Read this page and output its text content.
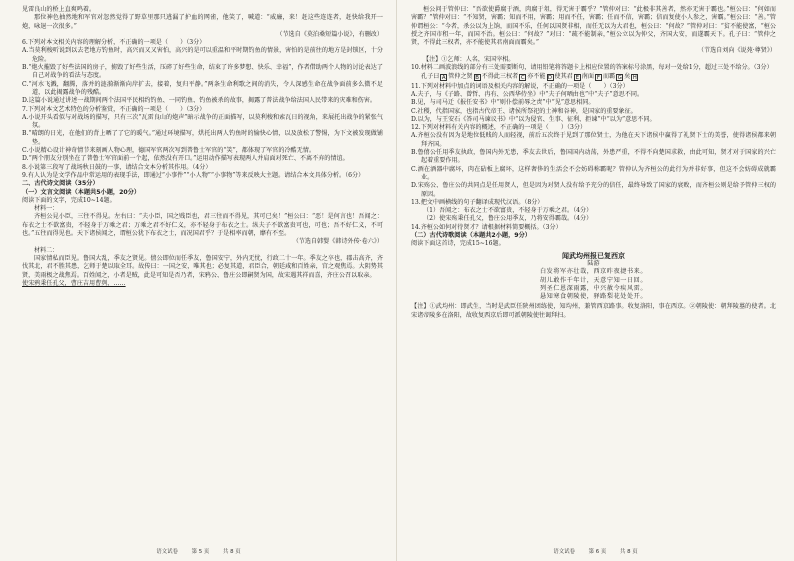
见雷良山的桥上直爽鸣着。

那位神色抽然地和军官对忽然觉得了野草里那只逃漏了护血的网雀，他笑了，喊道：“威廉，来！赶这些连连者，赶快给我开一炮，咏退一次很多。”

（节选自《莫泊桑短篇小说》，有删改）

6.下列对本文相关内容的理解分析，不正确的一项是（　　）（3分）

A.当莫利梭听说到以去老地方钓鱼时，高兴而又又害怕，高兴的是可以重温和平时期钓鱼的情景，害怕的是前往的地方是封锁区，十分危险。

B.“炮火摧毁了好些法国的房子，掳毁了好些生活，压碎了好些生命，结束了许多梦想、快乐、幸福”，作者借助两个人物的讨论表达了自己对战争的看法与态度。

C.“河水飞溅，翻腾，落并的涟漪渐渐向岸扩去，接着，复归平静。”两条生命利歌之间的消失，令人深感生命在战争面前多么微不足道，以此揭露战争的残酷。

D.这篇小说通过讲述一战期间两个法国平民相约钓鱼、一同钓鱼、钓鱼被杀的故事，揭露了普法战争给法国人民带来的灾难和伤害。

7.下列对本文艺术特色的分析鉴赏，不正确的一项是（　　）（3分）

A.小说开头看似与对战场的描写，只有三次“瓦雷良山的炮声”暗示战争的正面描写，以莫利梭和索瓦日的视角，来展托出战争的紧张气氛。

B.“晴朗的日光，在他们的背上晒了了它的暖气。”通过环境描写，烘托出两人钓鱼时的愉快心情，以及放松了警惕，为下文被发现做铺垫。

C.小说精心设计神奇情节来刻画人物心理，德国军官两次写到普鲁士军官的“笑”，都体现了军官的冷酷无情。

D.“两个朋友分别坐在了普鲁士军官面前一个起，依然没有开口。”运用动作描写表现两人并肩面对死亡、不离不弃的情谊。

8.小说第三段写了战场秋日鼓的一事，请结合文本分析其作用。（4分）

9.有人认为是文学作品中常运用的表现手法，即通过“小事件”“小人物”“小事物”等来反映大主题。请结合本文具体分析。（6分）

二、古代诗文阅读（35分）

（一）文言文阅读（本题共5小题，20分）

阅读下面的文字，完成10~14题。

材料一：

齐桓公見小臣，三往不得見。左右曰：“夫小臣，国之贱臣也，君三往而不得见，其可已矣！”桓公曰：“恶！是何言也！吾闻之：布衣之士不欲富贵，不轻身于万乘之君；万乘之君不好仁义，亦不轻身于布衣之士。纵夫子不欲富贵可也，可也；吾不好仁义，不可也。”五往而得见也。天下诸侯闻之，谓桓公犹下布衣之士，而况国君乎？于是相率而朝，靡有不至。

（节选自韩婴《韩诗外传·卷六》）

材料二：

国家情私而臣见。鲁国大乱，季友之贤见。僖公即位而任季友，鲁国安宁，外内无忧，行政二十一年。季友之卒也，郡击高齐，齐伐其北，君不胜其患，乞师于楚以取全耳。故传曰：一国之安，唯其也；必复其道，君臣合，朝廷咸和百姓亲，宫之观焦焉。大阴势其贤，美雨极之战焦焉。百姓闻之，小者是贼，此是可知是否乃者，宋鸦公、鲁庄公即嗣贤为国，故宋遇其祥而喜，齐庄公召以取亲。

使宋鸦秉任孔父，曹庄吉用曹刿，……

语文试卷	第 5 页	共 8 页

桓公问于管仲曰：“吾欲使爵腐于酒，肉腐于俎，得无害于霸乎？”管仲对曰：“此极非其善者，然亦无害于霸也。”桓公曰：“何如而害霸？”管仲对曰：“不知贤，害霸；知而不用，害霸；用而不任，害霸；任而不信，害霸；信而复使小人参之，害霸。”桓公曰：“善。”管仲谓桓公：“今者，杀公以为上饷，而国不乐，任何以国贤非相，而任无以为大君也，桓公曰：“何故？”管仲对曰：“贫不能使富，“桓公授之齐国市租一年，而国不治。桓公曰：“何故？”对曰：“疏不能制亲，”桓公立以为仲父，齐国大安，而遂霸天下。孔子曰：“管仲之贤，不得此三权者，亦不能使其君南面而霸矣。”

（节选自刘向《说苑·尊贤》）

【注】①乞师：人名，宋国宰相。

10.材料二画波浪线的部分有三处需要断句，请用铅笔将答题卡上相应位置的答案标号涂黑，每对一处给1分，超过三处不给分。（3分）

孔子曰 A 管仲之贤 B 不得此三权者 C 亦不能 D 使其君 E 南面 F 而霸 G 矣 H

11.下列对材料中加点的词语及相关内容的解说，不正确的一项是（　　）（3分）

A.夫子，与《子路、曾哲、冉有、公西华侍坐》中“夫子何哂由也”中“夫子”意思不同。

B.见，与司马迁《报任安书》中“则仆偿前辱之责”中“见”意思相同。

C.社稷，代指国家，也指古代帝王、诸侯所祭祀的土神和谷神，是国家的重要象征。

D.以为，与王安石《答司马谏议书》中“以为侵官、生事、征利、拒谏”中“以为”意思不同。

12.下列对材料有关内容的概述，不正确的一项是（　　）（3分）

A.齐桓公没有因为是地位低贱的人而轻视，前后五次终于见到了那位贤士，为他在天下诸侯中赢得了礼贤下士的美誉，使得诸侯都来朝拜齐国。

B.鲁僖公任用季友执政，鲁国内外无患，季友去世后，鲁国国内动荡，外患严重，不得不向楚国求救，由此可知，贤才对于国家的兴亡起着重要作用。

C.酒在酒器中腐坏，肉在砧板上腐坏，这样奢侈的生活会不会妨碍称霸呢？管仲认为齐桓公的此行为并非好事，但这不会妨碍成就霸业。

D.宋殇公、鲁庄公的共同点是任用贤人，但是因为对贤人没有给予充分的信任，最终导致了国家的衰败，而齐桓公则是给予管仲三权的原因。

13.把文中画横线的句子翻译成现代汉语。（8分）

（1）吾闻之：布衣之士不欲富贵，不轻身于万乘之君。（4分）

（2）使宋殇秉任孔父，鲁庄公用季友，乃将安得霸哉。（4分）

14.齐桓公如何对待贤才？请根据材料简要概括。（3分）

（二）古代诗歌阅读（本题共2小题，9分）

阅读下面这首诗，完成15~16题。

闻武均州报已复西京

陆游

白发将军亦壮哉，西京昨夜捷书来。

胡儿敢作千年计，天意宁知一日回。

列圣仁恩深雨露，中兴赦令疾风雷。

悬知寒食朝陵使，驿路梨花处处开。

【注】①武均州：即武生，当时是武臣任陕州团练使，知均州，兼管西京路事。收复洛阳，事在西京。②朝陵使：朝拜陵墓的使者。北宋诸帝陵多在洛阳，故收复西京后即可派朝陵使往谒拜扫。

语文试卷	第 6 页	共 8 页
